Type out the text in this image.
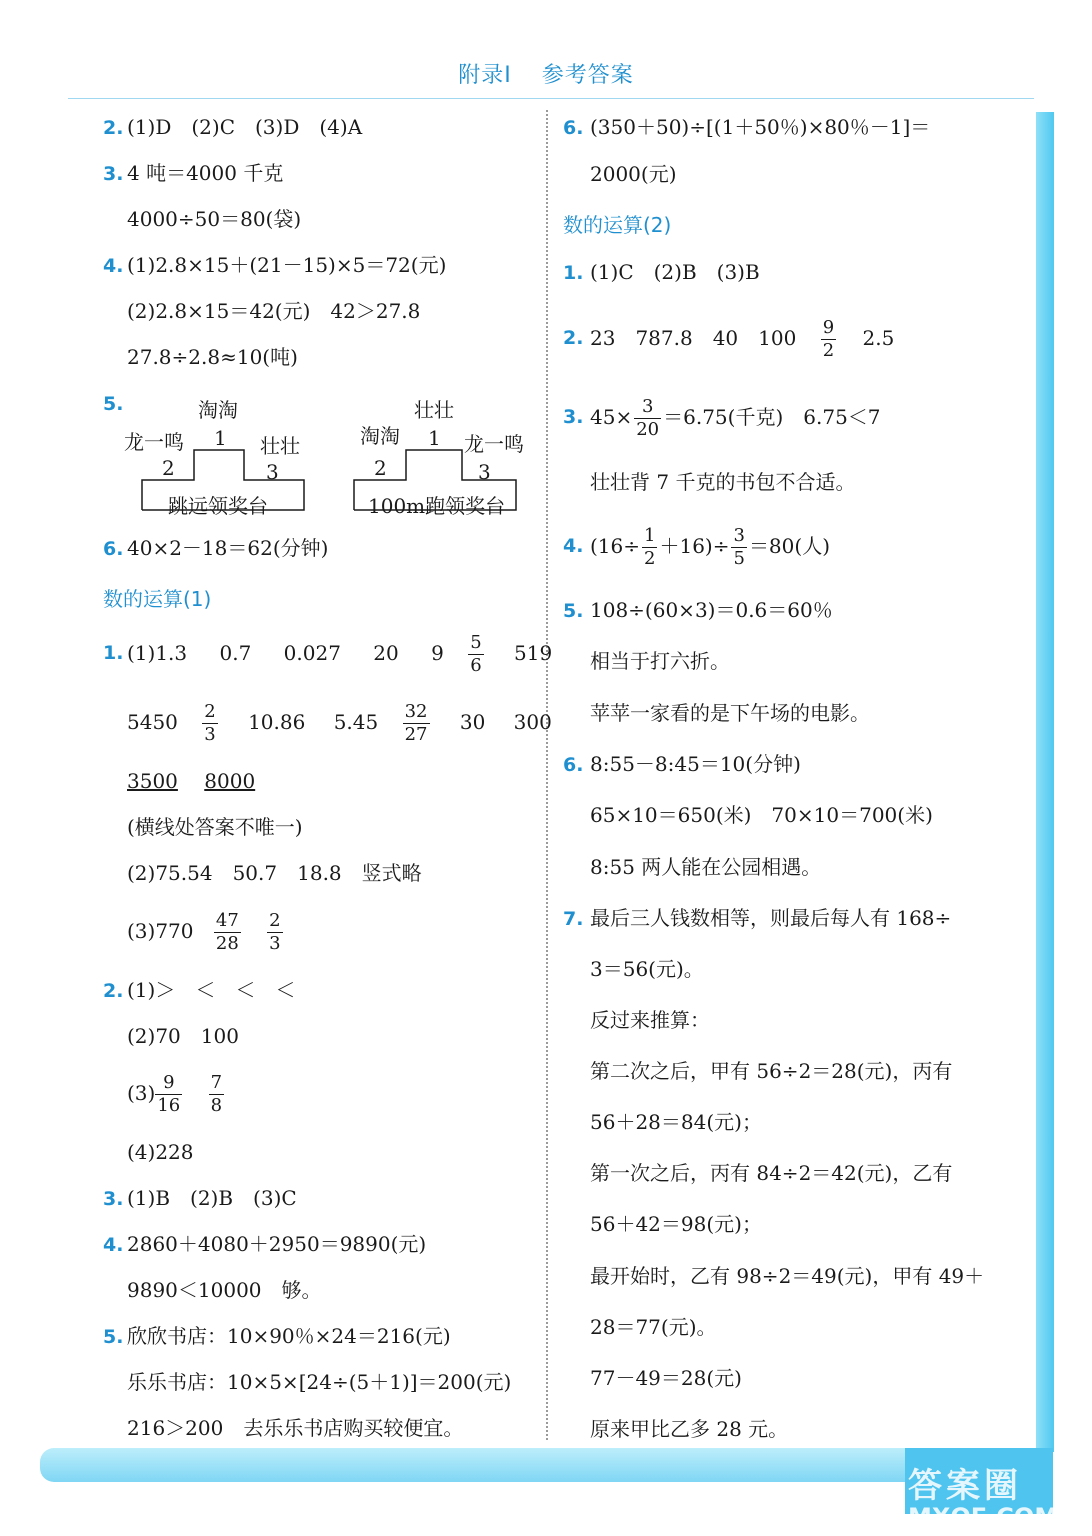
附录Ⅰ 参考答案
2. (1)D　(2)C　(3)D　(4)A
3. 4 吨＝4000 千克
4000÷50＝80(袋)
4. (1)2.8×15＋(21－15)×5＝72(元)
(2)2.8×15＝42(元)　42＞27.8
27.8÷2.8≈10(吨)
5.	淘淘
龙一鸣	壮壮
1
2	3
跳远领奖台
壮壮
淘淘	龙一鸣
1
2	3
100m跑领奖台
6. 40×2－18＝62(分钟)
数的运算(1)
1. (1)1.3 0.7 0.027 20 $9 \frac{5}{6} 519$
$5450 \frac{2}{3} 10.86$ $5.45 \frac{32}{27} 30$ 300
3500 8000
(横线处答案不唯一)
(2)75.54　50.7　18.8　竖式略
$(3)770 \frac{47}{28}$
$\frac{2}{3}$
2. (1)＞　＜　＜　＜
(2)70　100
$(3) \frac{9}{16}$
$\frac{7}{8}$
(4)228
3. (1)B　(2)B　(3)C
4. 2860＋4080＋2950＝9890(元)
9890＜10000　够。
5. 欣欣书店：10×90％×24＝216(元)
乐乐书店：10×5×[24÷(5＋1)]＝200(元)
216＞200　去乐乐书店购买较便宜。
6. (350＋50)÷[(1＋50％)×80％－1]＝
2000(元)
数的运算(2)
1. (1)C　(2)B　(3)B
2. 23　787.8　40　$100 \frac{9}{2} 2.5$
3. $45\times \frac{3}{20} =6.75$(千克)　6.75＜7
壮壮背 7 千克的书包不合适。
4. $(16\div \frac{1}{2} +16)\div \frac{3}{5} =80$(人)
5. 108÷(60×3)＝0.6＝60％
相当于打六折。
苹苹一家看的是下午场的电影。
6. 8:55－8:45＝10(分钟)
65×10＝650(米)　70×10＝700(米)
8:55 两人能在公园相遇。
7. 最后三人钱数相等，则最后每人有 168÷
3＝56(元)。
反过来推算：
第二次之后，甲有 56÷2＝28(元)，丙有
56＋28＝84(元)；
第一次之后，丙有 84÷2＝42(元)，乙有
56＋42＝98(元)；
最开始时，乙有 98÷2＝49(元)，甲有 49＋
28＝77(元)。
77－49＝28(元)
原来甲比乙多 28 元。
答案圈
MXQE.COM
